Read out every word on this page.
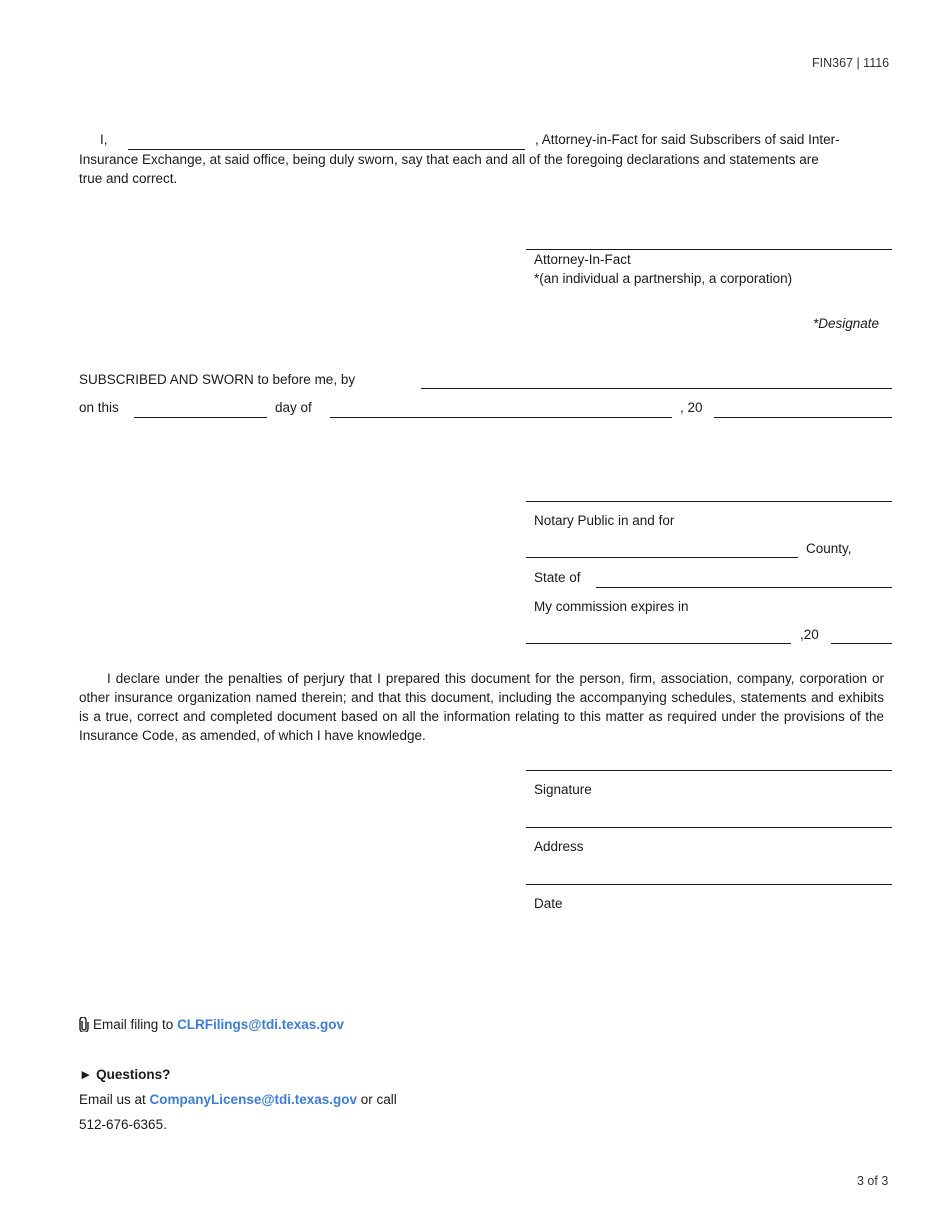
FIN367 | 1116
I,	, Attorney-in-Fact for said Subscribers of said Inter-
Insurance Exchange, at said office, being duly sworn, say that each and all of the foregoing declarations and statements are
true and correct.
Attorney-In-Fact
*(an individual a partnership, a corporation)
*Designate
SUBSCRIBED AND SWORN to before me, by
on this	day of	, 20
Notary Public in and for
County,
State of
My commission expires in
,20
I declare under the penalties of perjury that I prepared this document for the person, firm, association, company, corporation or other insurance organization named therein; and that this document, including the accompanying schedules, statements and exhibits is a true, correct and completed document based on all the information relating to this matter as required under the provisions of the Insurance Code, as amended, of which I have knowledge.
Signature
Address
Date
Email filing to CLRFilings@tdi.texas.gov
► Questions?
Email us at CompanyLicense@tdi.texas.gov or call
512-676-6365.
3 of 3
